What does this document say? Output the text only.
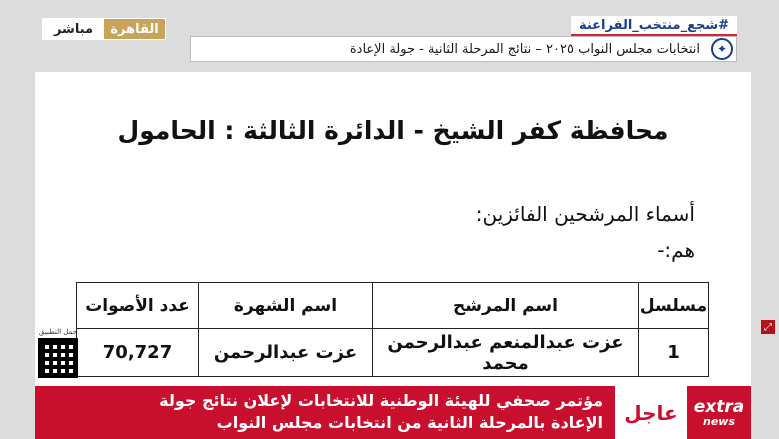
القاهرة
مباشر	#شجع_منتخب_الفراعنة
انتخابات مجلس النواب ٢٠٢٥ – نتائج المرحلة الثانية - جولة الإعادة	✦
محافظة كفر الشيخ - الدائرة الثالثة : الحامول
أسماء المرشحين الفائزين:
هم:-
مسلسل	اسم المرشح	اسم الشهرة	عدد الأصوات
1	عزت عبدالمنعم عبدالرحمن محمد	عزت عبدالرحمن	70,727
حمل التطبيق	⤢
مؤتمر صحفي للهيئة الوطنية للانتخابات لإعلان نتائج جولة
الإعادة بالمرحلة الثانية من انتخابات مجلس النواب	عاجل extra
news
